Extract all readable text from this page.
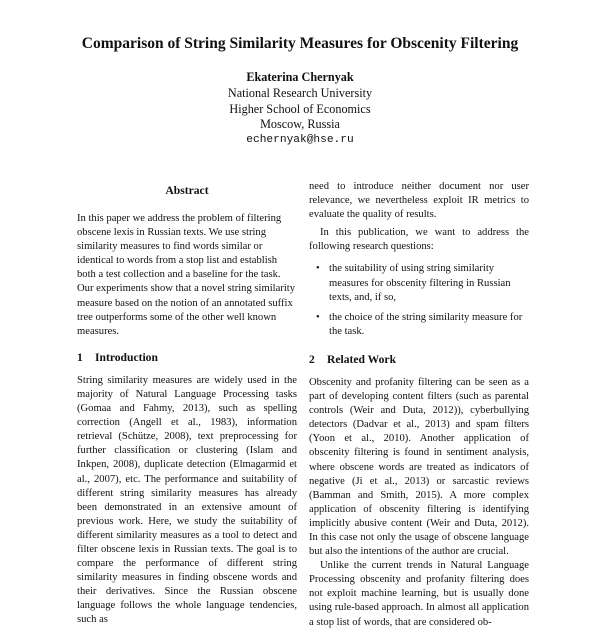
Comparison of String Similarity Measures for Obscenity Filtering
Ekaterina Chernyak
National Research University
Higher School of Economics
Moscow, Russia
echernyak@hse.ru
Abstract

In this paper we address the problem of filtering obscene lexis in Russian texts. We use string similarity measures to find words similar or identical to words from a stop list and establish both a test collection and a baseline for the task. Our experiments show that a novel string similarity measure based on the notion of an annotated suffix tree outperforms some of the other well known measures.

1 Introduction

String similarity measures are widely used in the majority of Natural Language Processing tasks (Gomaa and Fahmy, 2013), such as spelling correction (Angell et al., 1983), information retrieval (Schütze, 2008), text preprocessing for further classification or clustering (Islam and Inkpen, 2008), duplicate detection (Elmagarmid et al., 2007), etc. The performance and suitability of different string similarity measures has already been demonstrated in an extensive amount of previous work. Here, we study the suitability of different similarity measures as a tool to detect and filter obscene lexis in Russian texts. The goal is to compare the performance of different string similarity measures in finding obscene words and their derivatives. Since the Russian obscene language follows the whole language tendencies, such as

need to introduce neither document nor user relevance, we nevertheless exploit IR metrics to evaluate the quality of results.

In this publication, we want to address the following research questions:

• the suitability of using string similarity measures for obscenity filtering in Russian texts, and, if so,
• the choice of the string similarity measure for the task.
2 Related Work

Obscenity and profanity filtering can be seen as a part of developing content filters (such as parental controls (Weir and Duta, 2012)), cyberbullying detectors (Dadvar et al., 2013) and spam filters (Yoon et al., 2010). Another application of obscenity filtering is found in sentiment analysis, where obscene words are treated as indicators of negative (Ji et al., 2013) or sarcastic reviews (Bamman and Smith, 2015). A more complex application of obscenity filtering is identifying implicitly abusive content (Weir and Duta, 2012). In this case not only the usage of obscene language but also the intentions of the author are crucial.

Unlike the current trends in Natural Language Processing obscenity and profanity filtering does not exploit machine learning, but is usually done using rule-based approach. In almost all application a stop list of words, that are considered ob-
